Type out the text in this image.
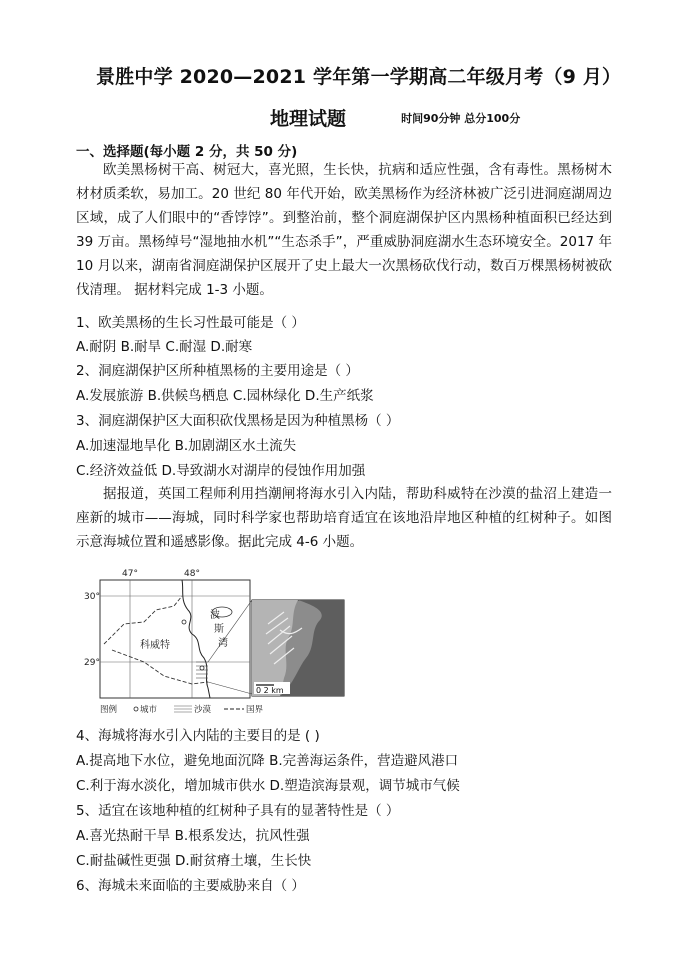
景胜中学 2020—2021 学年第一学期高二年级月考（9 月）
地理试题	时间90分钟 总分100分
一、选择题(每小题 2 分，共 50 分)
欧美黑杨树干高、树冠大，喜光照，生长快，抗病和适应性强，含有毒性。黑杨树木材材质柔软，易加工。20 世纪 80 年代开始，欧美黑杨作为经济林被广泛引进洞庭湖周边区域，成了人们眼中的“香饽饽”。到整治前，整个洞庭湖保护区内黑杨种植面积已经达到 39 万亩。黑杨绰号“湿地抽水机”“生态杀手”，严重威胁洞庭湖水生态环境安全。2017 年 10 月以来，湖南省洞庭湖保护区展开了史上最大一次黑杨砍伐行动，数百万棵黑杨树被砍伐清理。 据材料完成 1-3 小题。
1、欧美黑杨的生长习性最可能是（ ）
A.耐阴 B.耐旱 C.耐湿 D.耐寒
2、洞庭湖保护区所种植黑杨的主要用途是（ ）
A.发展旅游 B.供候鸟栖息 C.园林绿化 D.生产纸浆
3、洞庭湖保护区大面积砍伐黑杨是因为种植黑杨（ ）
A.加速湿地旱化 B.加剧湖区水土流失
C.经济效益低 D.导致湖水对湖岸的侵蚀作用加强
据报道，英国工程师利用挡潮闸将海水引入内陆，帮助科威特在沙漠的盐沼上建造一座新的城市——海城，同时科学家也帮助培育适宜在该地沿岸地区种植的红树种子。如图示意海城位置和遥感影像。据此完成 4-6 小题。
47°	48°
30°
29°
科威特
波
斯
湾
0 2 km
图例	城市	沙漠	国界
4、海城将海水引入内陆的主要目的是 ( )
A.提高地下水位，避免地面沉降 B.完善海运条件，营造避风港口
C.利于海水淡化，增加城市供水 D.塑造滨海景观，调节城市气候
5、适宜在该地种植的红树种子具有的显著特性是（ ）
A.喜光热耐干旱 B.根系发达，抗风性强
C.耐盐碱性更强 D.耐贫瘠土壤，生长快
6、海城未来面临的主要威胁来自（ ）
